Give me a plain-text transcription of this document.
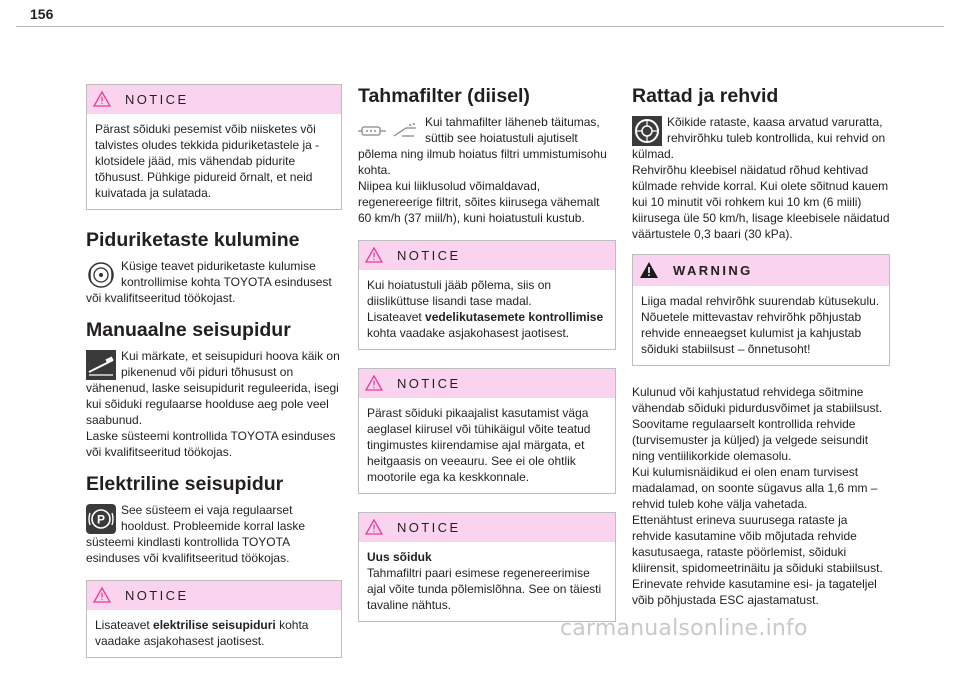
156
NOTICE

Pärast sõiduki pesemist võib niisketes või talvistes oludes tekkida piduriketastele ja -klotsidele jääd, mis vähendab pidurite tõhusust. Pühkige pidureid õrnalt, et neid kuivatada ja sulatada.

Piduriketaste kulumine

Küsige teavet piduriketaste kulumise kontrollimise kohta TOYOTA esindusest või kvalifitseeritud töökojast.

Manuaalne seisupidur

Kui märkate, et seisupiduri hoova käik on pikenenud või piduri tõhusust on vähenenud, laske seisupidurit reguleerida, isegi kui sõiduki regulaarse hoolduse aeg pole veel saabunud.

Laske süsteemi kontrollida TOYOTA esinduses või kvalifitseeritud töökojas.

Elektriline seisupidur
P

See süsteem ei vaja regulaarset hooldust. Probleemide korral laske süsteemi kindlasti kontrollida TOYOTA esinduses või kvalifitseeritud töökojas.

NOTICE

Lisateavet elektrilise seisupiduri kohta vaadake asjakohasest jaotisest.

Tahmafilter (diisel)

Kui tahmafilter läheneb täitumas, süttib see hoiatustuli ajutiselt põlema ning ilmub hoiatus filtri ummistumisohu kohta.

Niipea kui liiklusolud võimaldavad, regenereerige filtrit, sõites kiirusega vähemalt 60 km/h (37 miil/h), kuni hoiatustuli kustub.

NOTICE

Kui hoiatustuli jääb põlema, siis on diisliküttuse lisandi tase madal.

Lisateavet vedelikutasemete kontrollimise kohta vaadake asjakohasest jaotisest.

NOTICE

Pärast sõiduki pikaajalist kasutamist väga aeglasel kiirusel või tühikäigul võite teatud tingimustes kiirendamise ajal märgata, et heitgaasis on veeauru. See ei ole ohtlik mootorile ega ka keskkonnale.

NOTICE

Uus sõiduk

Tahmafiltri paari esimese regenereerimise ajal võite tunda põlemislõhna. See on täiesti tavaline nähtus.

Rattad ja rehvid

Kõikide rataste, kaasa arvatud varuratta, rehvirõhku tuleb kontrollida, kui rehvid on külmad.

Rehvirõhu kleebisel näidatud rõhud kehtivad külmade rehvide korral. Kui olete sõitnud kauem kui 10 minutit või rohkem kui 10 km (6 miili) kiirusega üle 50 km/h, lisage kleebisele näidatud väärtustele 0,3 baari (30 kPa).

WARNING

Liiga madal rehvirõhk suurendab kütusekulu. Nõuetele mittevastav rehvirõhk põhjustab rehvide enneaegset kulumist ja kahjustab sõiduki stabiilsust – õnnetusoht!

Kulunud või kahjustatud rehvidega sõitmine vähendab sõiduki pidurdusvõimet ja stabiilsust. Soovitame regulaarselt kontrollida rehvide (turvisemuster ja küljed) ja velgede seisundit ning ventiilikorkide olemasolu.

Kui kulumisnäidikud ei olen enam turvisest madalamad, on soonte sügavus alla 1,6 mm – rehvid tuleb kohe välja vahetada.

Ettenähtust erineva suurusega rataste ja rehvide kasutamine võib mõjutada rehvide kasutusaega, rataste pöörlemist, sõiduki kliirensit, spidomeetrinäitu ja sõiduki stabiilsust.

Erinevate rehvide kasutamine esi- ja tagateljel võib põhjustada ESC ajastamatust.

carmanualsonline.info
